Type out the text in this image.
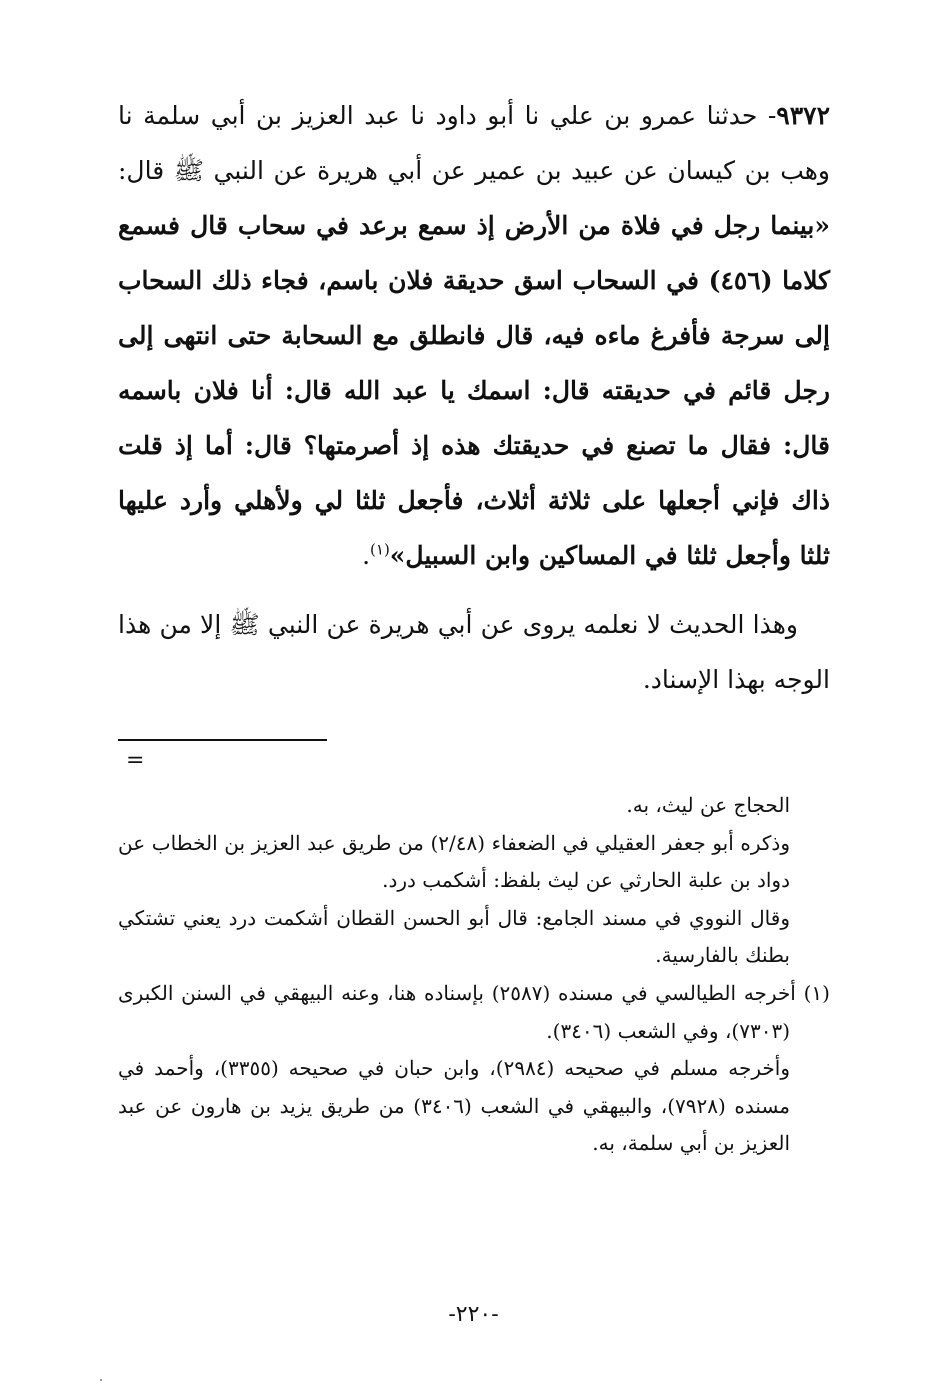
٩٣٧٢- حدثنا عمرو بن علي نا أبو داود نا عبد العزيز بن أبي سلمة نا وهب بن كيسان عن عبيد بن عمير عن أبي هريرة عن النبي ﷺ قال: «بينما رجل في فلاة من الأرض إذ سمع برعد في سحاب قال فسمع كلاما (٤٥٦) في السحاب اسق حديقة فلان باسم، فجاء ذلك السحاب إلى سرجة فأفرغ ماءه فيه، قال فانطلق مع السحابة حتى انتهى إلى رجل قائم في حديقته قال: اسمك يا عبد الله قال: أنا فلان باسمه قال: فقال ما تصنع في حديقتك هذه إذ أصرمتها؟ قال: أما إذ قلت ذاك فإني أجعلها على ثلاثة أثلاث، فأجعل ثلثا لي ولأهلي وأرد عليها ثلثا وأجعل ثلثا في المساكين وابن السبيل»$^{(١)}$.

وهذا الحديث لا نعلمه يروى عن أبي هريرة عن النبي ﷺ إلا من هذا الوجه بهذا الإسناد.

=

الحجاج عن ليث، به.

وذكره أبو جعفر العقيلي في الضعفاء (٢/٤٨) من طريق عبد العزيز بن الخطاب عن دواد بن علبة الحارثي عن ليث بلفظ: أشكمب درد.

وقال النووي في مسند الجامع: قال أبو الحسن القطان أشكمت درد يعني تشتكي بطنك بالفارسية.

(١) أخرجه الطيالسي في مسنده (٢٥٨٧) بإسناده هنا، وعنه البيهقي في السنن الكبرى (٧٣٠٣)، وفي الشعب (٣٤٠٦).

وأخرجه مسلم في صحيحه (٢٩٨٤)، وابن حبان في صحيحه (٣٣٥٥)، وأحمد في مسنده (٧٩٢٨)، والبيهقي في الشعب (٣٤٠٦) من طريق يزيد بن هارون عن عبد العزيز بن أبي سلمة، به.

-٢٢٠-
